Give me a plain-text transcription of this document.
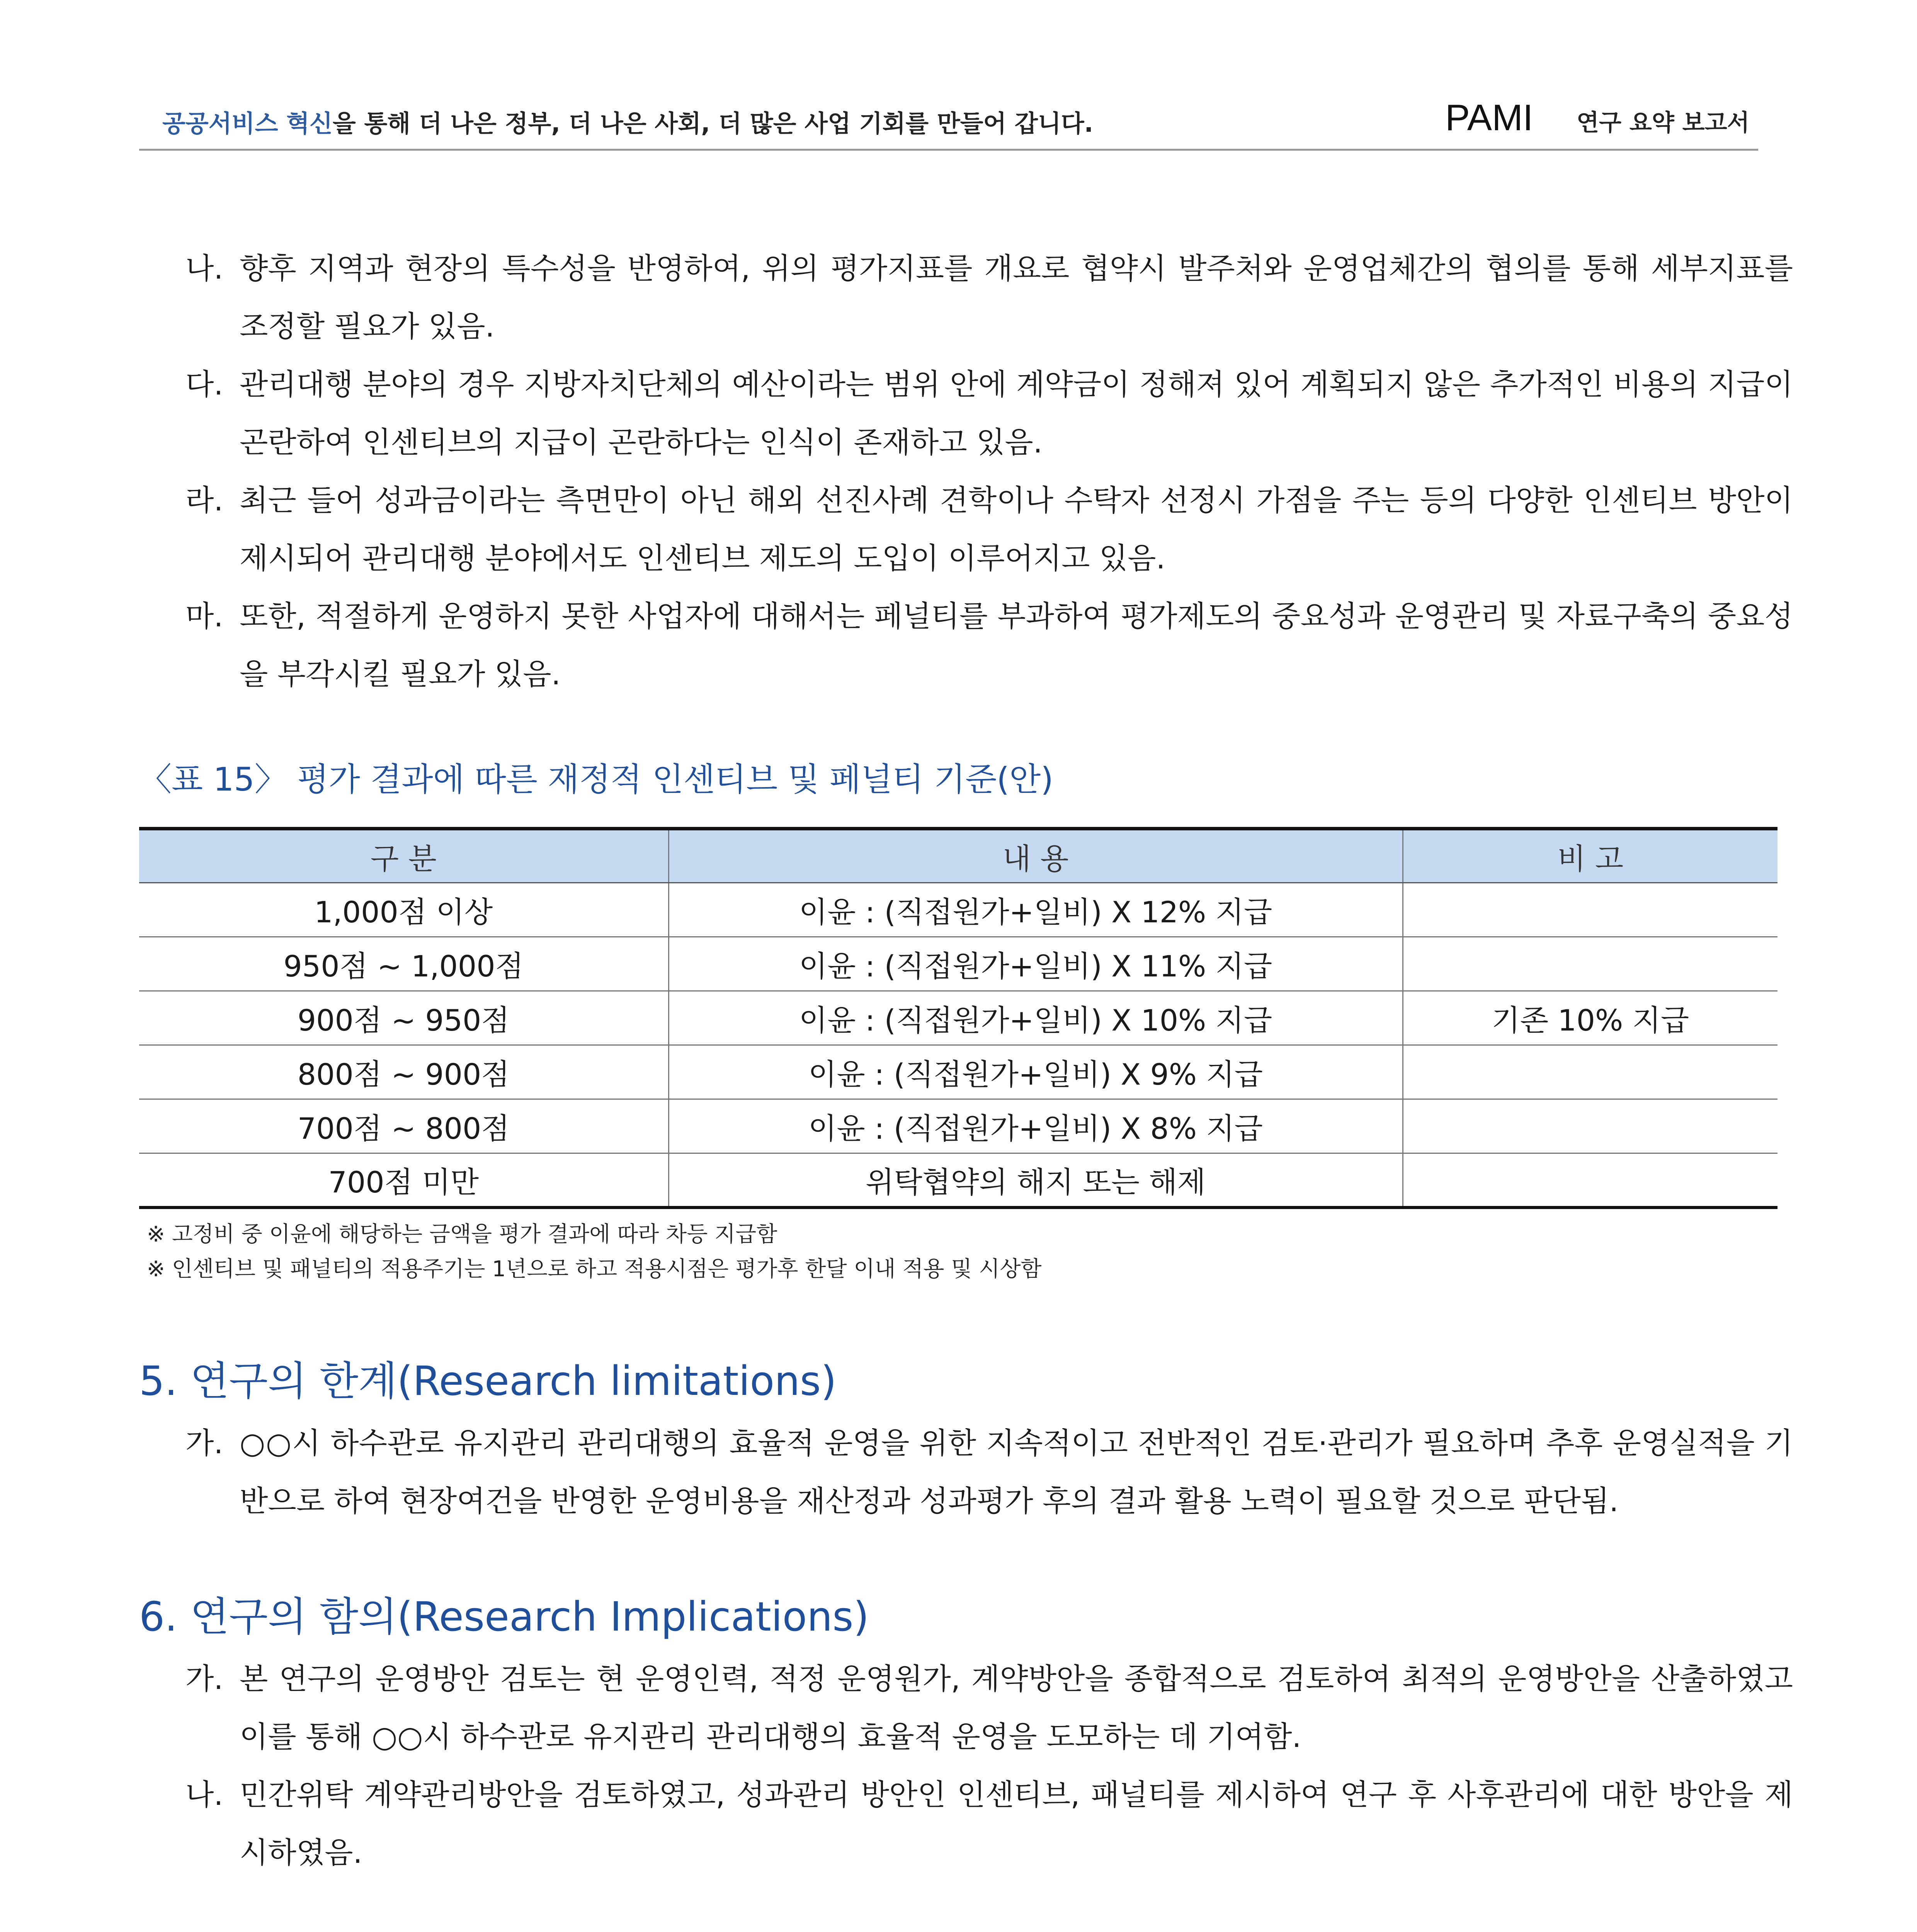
공공서비스 혁신을 통해 더 나은 정부, 더 나은 사회, 더 많은 사업 기회를 만들어 갑니다.	PAMI 연구 요약 보고서
나. 향후 지역과 현장의 특수성을 반영하여, 위의 평가지표를 개요로 협약시 발주처와 운영업체간의 협의를 통해 세부지표를 조정할 필요가 있음.
다. 관리대행 분야의 경우 지방자치단체의 예산이라는 범위 안에 계약금이 정해져 있어 계획되지 않은 추가적인 비용의 지급이 곤란하여 인센티브의 지급이 곤란하다는 인식이 존재하고 있음.
라. 최근 들어 성과금이라는 측면만이 아닌 해외 선진사례 견학이나 수탁자 선정시 가점을 주는 등의 다양한 인센티브 방안이 제시되어 관리대행 분야에서도 인센티브 제도의 도입이 이루어지고 있음.
마. 또한, 적절하게 운영하지 못한 사업자에 대해서는 페널티를 부과하여 평가제도의 중요성과 운영관리 및 자료구축의 중요성을 부각시킬 필요가 있음.
〈표 15〉 평가 결과에 따른 재정적 인센티브 및 페널티 기준(안)
구 분	내 용	비 고
1,000점 이상	이윤 : (직접원가+일비) X 12% 지급	
950점 ~ 1,000점	이윤 : (직접원가+일비) X 11% 지급	
900점 ~ 950점	이윤 : (직접원가+일비) X 10% 지급	기존 10% 지급
800점 ~ 900점	이윤 : (직접원가+일비) X 9% 지급	
700점 ~ 800점	이윤 : (직접원가+일비) X 8% 지급	
700점 미만	위탁협약의 해지 또는 해제	
※ 고정비 중 이윤에 해당하는 금액을 평가 결과에 따라 차등 지급함
※ 인센티브 및 패널티의 적용주기는 1년으로 하고 적용시점은 평가후 한달 이내 적용 및 시상함
5. 연구의 한계(Research limitations)
가. ○○시 하수관로 유지관리 관리대행의 효율적 운영을 위한 지속적이고 전반적인 검토·관리가 필요하며 추후 운영실적을 기반으로 하여 현장여건을 반영한 운영비용을 재산정과 성과평가 후의 결과 활용 노력이 필요할 것으로 판단됨.
6. 연구의 함의(Research Implications)
가. 본 연구의 운영방안 검토는 현 운영인력, 적정 운영원가, 계약방안을 종합적으로 검토하여 최적의 운영방안을 산출하였고 이를 통해 ○○시 하수관로 유지관리 관리대행의 효율적 운영을 도모하는 데 기여함.
나. 민간위탁 계약관리방안을 검토하였고, 성과관리 방안인 인센티브, 패널티를 제시하여 연구 후 사후관리에 대한 방안을 제시하였음.
